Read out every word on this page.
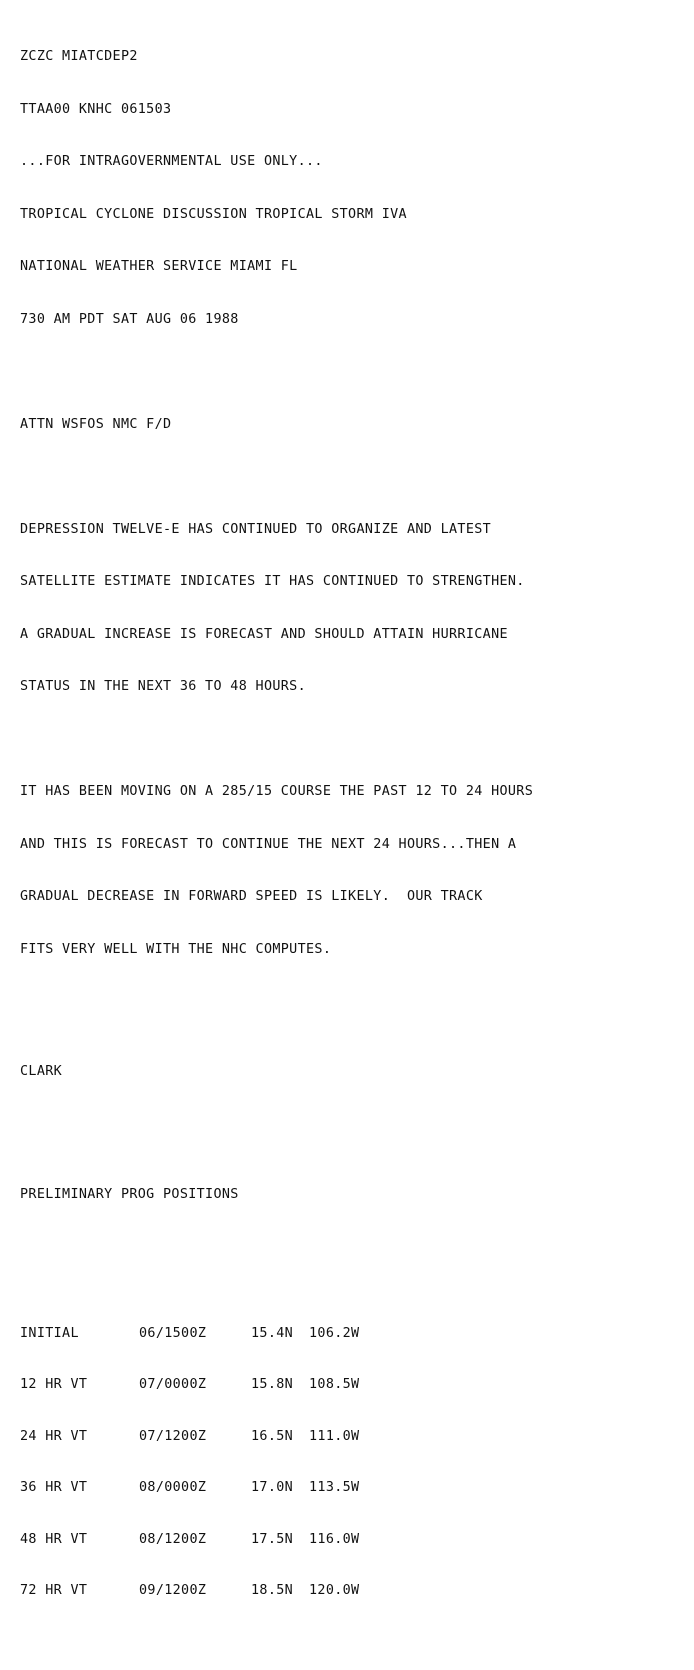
ZCZC MIATCDEP2

TTAA00 KNHC 061503

...FOR INTRAGOVERNMENTAL USE ONLY...

TROPICAL CYCLONE DISCUSSION TROPICAL STORM IVA

NATIONAL WEATHER SERVICE MIAMI FL

730 AM PDT SAT AUG 06 1988

ATTN WSFOS NMC F/D

DEPRESSION TWELVE-E HAS CONTINUED TO ORGANIZE AND LATEST

SATELLITE ESTIMATE INDICATES IT HAS CONTINUED TO STRENGTHEN.

A GRADUAL INCREASE IS FORECAST AND SHOULD ATTAIN HURRICANE

STATUS IN THE NEXT 36 TO 48 HOURS.

IT HAS BEEN MOVING ON A 285/15 COURSE THE PAST 12 TO 24 HOURS

AND THIS IS FORECAST TO CONTINUE THE NEXT 24 HOURS...THEN A

GRADUAL DECREASE IN FORWARD SPEED IS LIKELY.  OUR TRACK

FITS VERY WELL WITH THE NHC COMPUTES.

CLARK

PRELIMINARY PROG POSITIONS

INITIAL	06/1500Z	15.4N	106.2W

12 HR VT	07/0000Z	15.8N	108.5W

24 HR VT	07/1200Z	16.5N	111.0W

36 HR VT	08/0000Z	17.0N	113.5W

48 HR VT	08/1200Z	17.5N	116.0W

72 HR VT	09/1200Z	18.5N	120.0W
